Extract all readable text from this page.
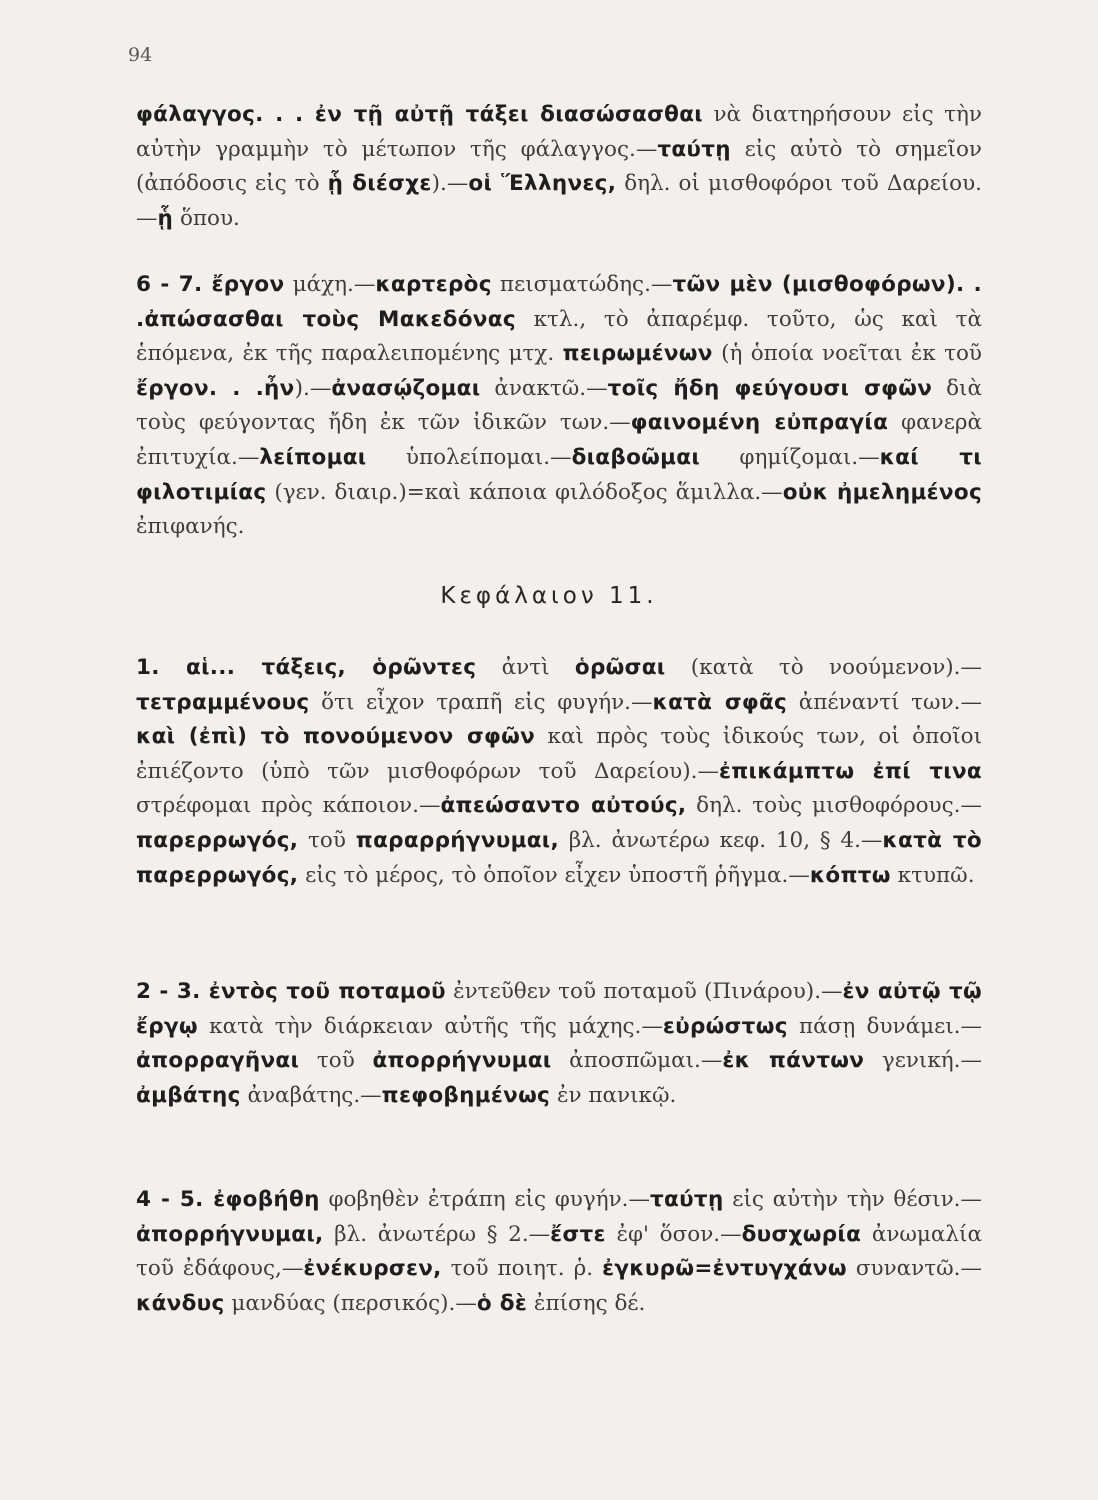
94
φάλαγγος. . . ἐν τῇ αὐτῇ τάξει διασώσασθαι νὰ διατηρήσουν εἰς τὴν αὐτὴν γραμμὴν τὸ μέτωπον τῆς φάλαγγος.—ταύτῃ εἰς αὐτὸ τὸ σημεῖον (ἀπόδοσις εἰς τὸ ᾗ διέσχε).—οἱ Ἕλληνες, δηλ. οἱ μισθοφόροι τοῦ Δαρείου.—ᾗ ὅπου.
6 - 7. ἔργον μάχη.—καρτερὸς πεισματώδης.—τῶν μὲν (μισθοφόρων). . .ἀπώσασθαι τοὺς Μακεδόνας κτλ., τὸ ἀπαρέμφ. τοῦτο, ὡς καὶ τὰ ἑπόμενα, ἐκ τῆς παραλειπομένης μτχ. πειρωμένων (ἡ ὁποία νοεῖται ἐκ τοῦ ἔργον. . .ἦν).—ἀνασῴζομαι ἀνακτῶ.—τοῖς ἤδη φεύγουσι σφῶν διὰ τοὺς φεύγοντας ἤδη ἐκ τῶν ἰδικῶν των.—φαινομένη εὐπραγία φανερὰ ἐπιτυχία.—λείπομαι ὑπολείπομαι.—διαβοῶμαι φημίζομαι.—καί τι φιλοτιμίας (γεν. διαιρ.)=καὶ κάποια φιλόδοξος ἅμιλλα.—οὐκ ἠμελημένος ἐπιφανής.
Κεφάλαιον 11.
1. αἱ... τάξεις, ὁρῶντες ἀντὶ ὁρῶσαι (κατὰ τὸ νοούμενον).—τετραμμένους ὅτι εἶχον τραπῆ εἰς φυγήν.—κατὰ σφᾶς ἀπέναντί των.—καὶ (ἐπὶ) τὸ πονούμενον σφῶν καὶ πρὸς τοὺς ἰδικούς των, οἱ ὁποῖοι ἐπιέζοντο (ὑπὸ τῶν μισθοφόρων τοῦ Δαρείου).—ἐπικάμπτω ἐπί τινα στρέφομαι πρὸς κάποιον.—ἀπεώσαντο αὐτούς, δηλ. τοὺς μισθοφόρους.—παρερρωγός, τοῦ παραρρήγνυμαι, βλ. ἀνωτέρω κεφ. 10, § 4.—κατὰ τὸ παρερρωγός, εἰς τὸ μέρος, τὸ ὁποῖον εἶχεν ὑποστῆ ῥῆγμα.—κόπτω κτυπῶ.
2 - 3. ἐντὸς τοῦ ποταμοῦ ἐντεῦθεν τοῦ ποταμοῦ (Πινάρου).—ἐν αὐτῷ τῷ ἔργῳ κατὰ τὴν διάρκειαν αὐτῆς τῆς μάχης.—εὐρώστως πάσῃ δυνάμει.—ἀπορραγῆναι τοῦ ἀπορρήγνυμαι ἀποσπῶμαι.—ἐκ πάντων γενική.—ἀμβάτης ἀναβάτης.—πεφοβημένως ἐν πανικῷ.
4 - 5. ἐφοβήθη φοβηθὲν ἐτράπη εἰς φυγήν.—ταύτῃ εἰς αὐτὴν τὴν θέσιν.—ἀπορρήγνυμαι, βλ. ἀνωτέρω § 2.—ἔστε ἐφ' ὅσον.—δυσχωρία ἀνωμαλία τοῦ ἐδάφους,—ἐνέκυρσεν, τοῦ ποιητ. ῥ. ἐγκυρῶ=ἐντυγχάνω συναντῶ.—κάνδυς μανδύας (περσικός).—ὁ δὲ ἐπίσης δέ.
